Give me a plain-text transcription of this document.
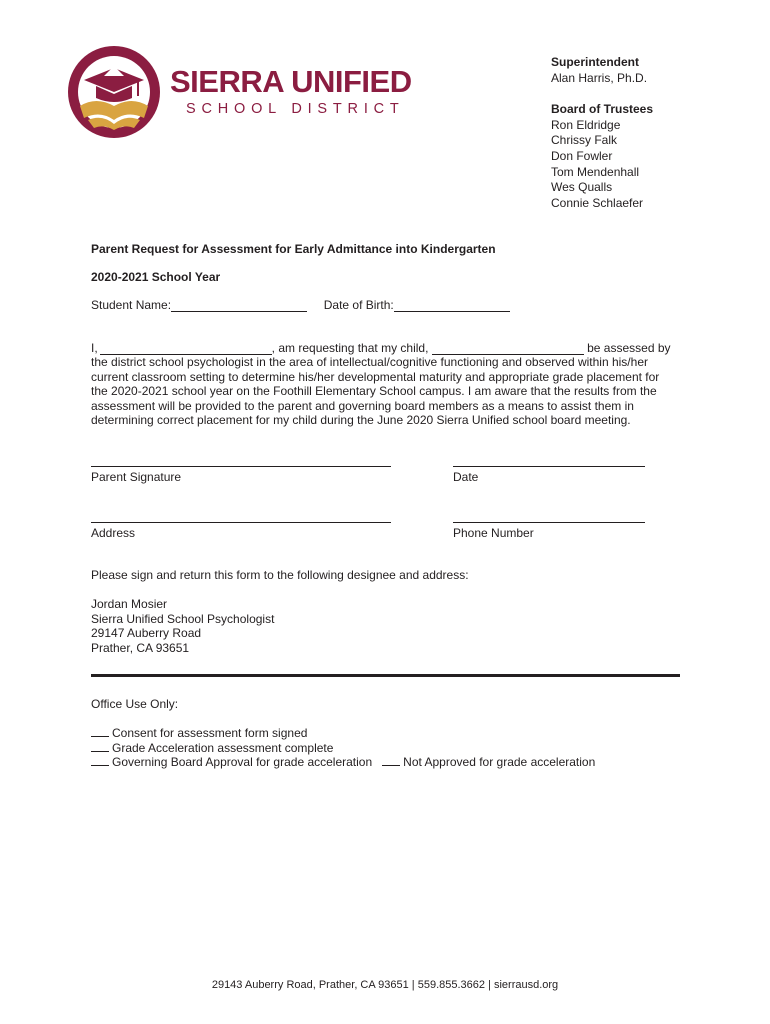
SIERRA UNIFIED
SCHOOL DISTRICT
Superintendent
Alan Harris, Ph.D.
Board of Trustees
Ron Eldridge
Chrissy Falk
Don Fowler
Tom Mendenhall
Wes Qualls
Connie Schlaefer
Parent Request for Assessment for Early Admittance into Kindergarten
2020-2021 School Year
Student Name:	Date of Birth:
I,	, am requesting that my child,	be assessed by
the district school psychologist in the area of intellectual/cognitive functioning and observed within his/her
current classroom setting to determine his/her developmental maturity and appropriate grade placement for
the 2020-2021 school year on the Foothill Elementary School campus. I am aware that the results from the
assessment will be provided to the parent and governing board members as a means to assist them in
determining correct placement for my child during the June 2020 Sierra Unified school board meeting.
Parent Signature	Date
Address	Phone Number
Please sign and return this form to the following designee and address:
Jordan Mosier
Sierra Unified School Psychologist
29147 Auberry Road
Prather, CA 93651
Office Use Only:
Consent for assessment form signed
Grade Acceleration assessment complete
Governing Board Approval for grade acceleration	Not Approved for grade acceleration
29143 Auberry Road, Prather, CA 93651 | 559.855.3662 | sierrausd.org
